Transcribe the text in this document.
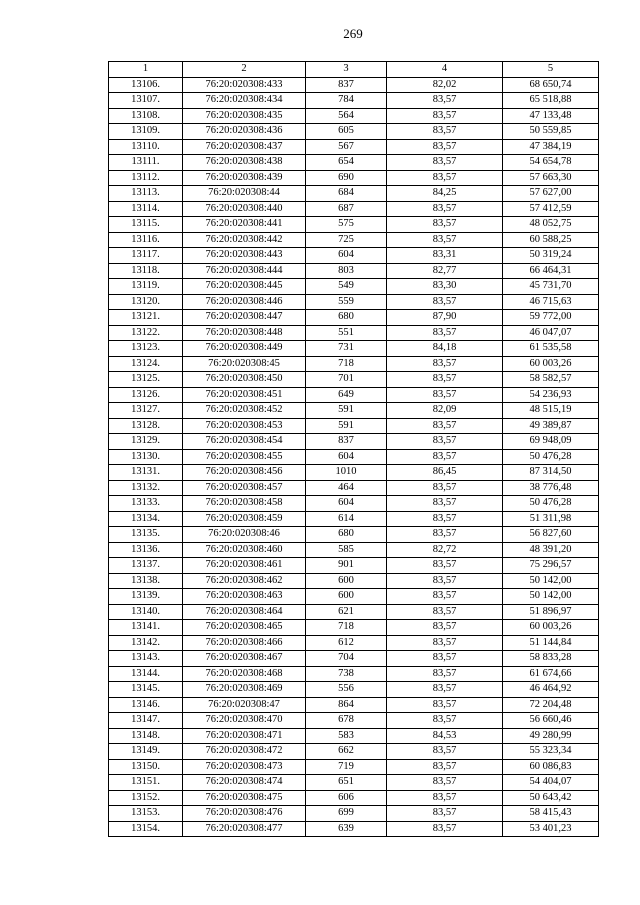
269
1	2	3	4	5
13106.	76:20:020308:433	837	82,02	68 650,74
13107.	76:20:020308:434	784	83,57	65 518,88
13108.	76:20:020308:435	564	83,57	47 133,48
13109.	76:20:020308:436	605	83,57	50 559,85
13110.	76:20:020308:437	567	83,57	47 384,19
13111.	76:20:020308:438	654	83,57	54 654,78
13112.	76:20:020308:439	690	83,57	57 663,30
13113.	76:20:020308:44	684	84,25	57 627,00
13114.	76:20:020308:440	687	83,57	57 412,59
13115.	76:20:020308:441	575	83,57	48 052,75
13116.	76:20:020308:442	725	83,57	60 588,25
13117.	76:20:020308:443	604	83,31	50 319,24
13118.	76:20:020308:444	803	82,77	66 464,31
13119.	76:20:020308:445	549	83,30	45 731,70
13120.	76:20:020308:446	559	83,57	46 715,63
13121.	76:20:020308:447	680	87,90	59 772,00
13122.	76:20:020308:448	551	83,57	46 047,07
13123.	76:20:020308:449	731	84,18	61 535,58
13124.	76:20:020308:45	718	83,57	60 003,26
13125.	76:20:020308:450	701	83,57	58 582,57
13126.	76:20:020308:451	649	83,57	54 236,93
13127.	76:20:020308:452	591	82,09	48 515,19
13128.	76:20:020308:453	591	83,57	49 389,87
13129.	76:20:020308:454	837	83,57	69 948,09
13130.	76:20:020308:455	604	83,57	50 476,28
13131.	76:20:020308:456	1010	86,45	87 314,50
13132.	76:20:020308:457	464	83,57	38 776,48
13133.	76:20:020308:458	604	83,57	50 476,28
13134.	76:20:020308:459	614	83,57	51 311,98
13135.	76:20:020308:46	680	83,57	56 827,60
13136.	76:20:020308:460	585	82,72	48 391,20
13137.	76:20:020308:461	901	83,57	75 296,57
13138.	76:20:020308:462	600	83,57	50 142,00
13139.	76:20:020308:463	600	83,57	50 142,00
13140.	76:20:020308:464	621	83,57	51 896,97
13141.	76:20:020308:465	718	83,57	60 003,26
13142.	76:20:020308:466	612	83,57	51 144,84
13143.	76:20:020308:467	704	83,57	58 833,28
13144.	76:20:020308:468	738	83,57	61 674,66
13145.	76:20:020308:469	556	83,57	46 464,92
13146.	76:20:020308:47	864	83,57	72 204,48
13147.	76:20:020308:470	678	83,57	56 660,46
13148.	76:20:020308:471	583	84,53	49 280,99
13149.	76:20:020308:472	662	83,57	55 323,34
13150.	76:20:020308:473	719	83,57	60 086,83
13151.	76:20:020308:474	651	83,57	54 404,07
13152.	76:20:020308:475	606	83,57	50 643,42
13153.	76:20:020308:476	699	83,57	58 415,43
13154.	76:20:020308:477	639	83,57	53 401,23
